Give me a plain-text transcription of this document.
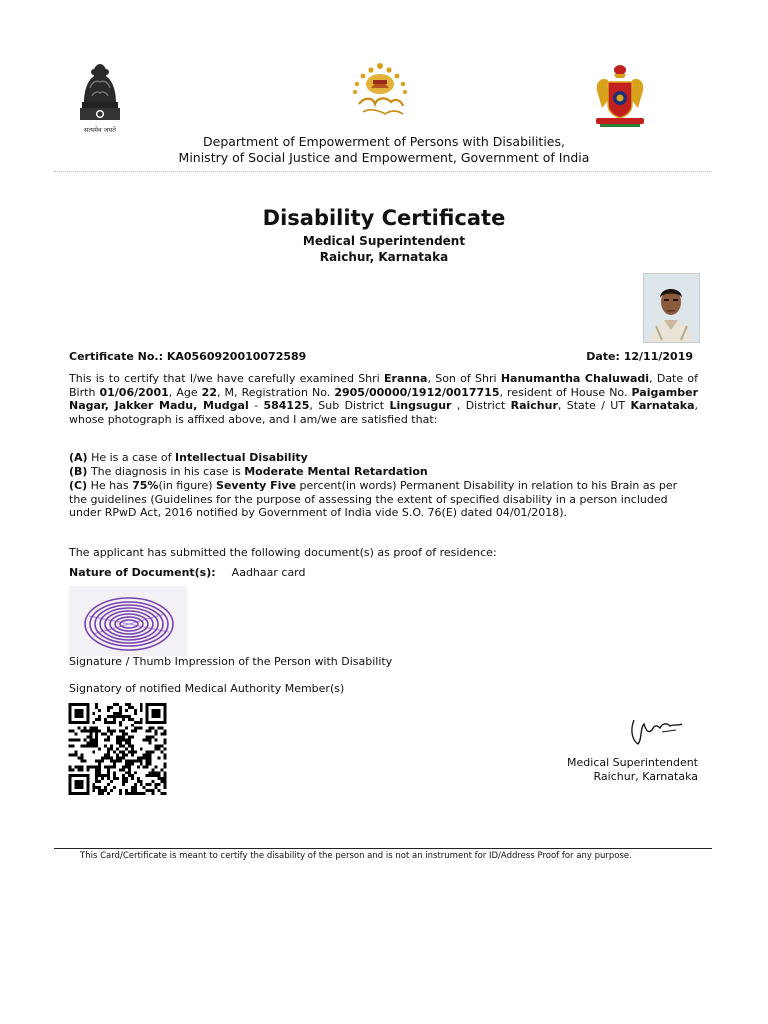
सत्यमेव जयते
Department of Empowerment of Persons with Disabilities,
Ministry of Social Justice and Empowerment, Government of India
Disability Certificate
Medical Superintendent
Raichur, Karnataka
Certificate No.: KA0560920010072589	Date: 12/11/2019
This is to certify that I/we have carefully examined Shri Eranna, Son of Shri Hanumantha Chaluwadi, Date of Birth 01/06/2001, Age 22, M, Registration No. 2905/00000/1912/0017715, resident of House No. Paigamber Nagar, Jakker Madu, Mudgal - 584125, Sub District Lingsugur , District Raichur, State / UT Karnataka, whose photograph is affixed above, and I am/we are satisfied that:
(A) He is a case of Intellectual Disability
(B) The diagnosis in his case is Moderate Mental Retardation
(C) He has 75%(in figure) Seventy Five percent(in words) Permanent Disability in relation to his Brain as per the guidelines (Guidelines for the purpose of assessing the extent of specified disability in a person included under RPwD Act, 2016 notified by Government of India vide S.O. 76(E) dated 04/01/2018).
The applicant has submitted the following document(s) as proof of residence:
Nature of Document(s): Aadhaar card
Signature / Thumb Impression of the Person with Disability
Signatory of notified Medical Authority Member(s)
Medical Superintendent
Raichur, Karnataka
This Card/Certificate is meant to certify the disability of the person and is not an instrument for ID/Address Proof for any purpose.
